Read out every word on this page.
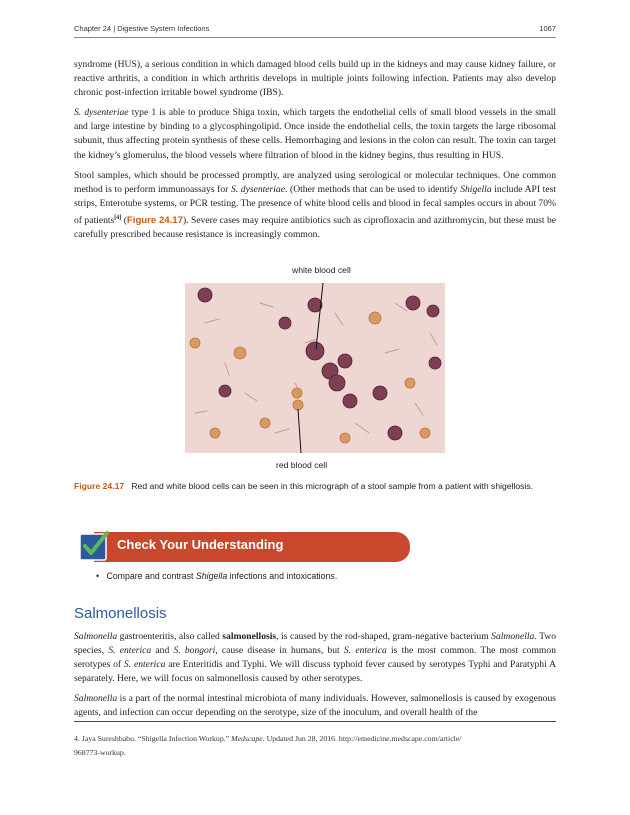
Chapter 24 | Digestive System Infections	1067

syndrome (HUS), a serious condition in which damaged blood cells build up in the kidneys and may cause kidney failure, or reactive arthritis, a condition in which arthritis develops in multiple joints following infection. Patients may also develop chronic post-infection irritable bowel syndrome (IBS).

S. dysenteriae type 1 is able to produce Shiga toxin, which targets the endothelial cells of small blood vessels in the small and large intestine by binding to a glycosphingolipid. Once inside the endothelial cells, the toxin targets the large ribosomal subunit, thus affecting protein synthesis of these cells. Hemorrhaging and lesions in the colon can result. The toxin can target the kidney’s glomerulus, the blood vessels where filtration of blood in the kidney begins, thus resulting in HUS.

Stool samples, which should be processed promptly, are analyzed using serological or molecular techniques. One common method is to perform immunoassays for S. dysenteriae. (Other methods that can be used to identify Shigella include API test strips, Enterotube systems, or PCR testing. The presence of white blood cells and blood in fecal samples occurs in about 70% of patients[4] (Figure 24.17). Severe cases may require antibiotics such as ciprofloxacin and azithromycin, but these must be carefully prescribed because resistance is increasingly common.

white blood cell
red blood cell
Figure 24.17 Red and white blood cells can be seen in this micrograph of a stool sample from a patient with shigellosis.
Check Your Understanding
• Compare and contrast Shigella infections and intoxications.
Salmonellosis

Salmonella gastroenteritis, also called salmonellosis, is caused by the rod-shaped, gram-negative bacterium Salmonella. Two species, S. enterica and S. bongori, cause disease in humans, but S. enterica is the most common. The most common serotypes of S. enterica are Enteritidis and Typhi. We will discuss typhoid fever caused by serotypes Typhi and Paratyphi A separately. Here, we will focus on salmonellosis caused by other serotypes.

Salmonella is a part of the normal intestinal microbiota of many individuals. However, salmonellosis is caused by exogenous agents, and infection can occur depending on the serotype, size of the inoculum, and overall health of the

4. Jaya Sureshbabu. “Shigella Infection Workup.” Medscape. Updated Jun 28, 2016. http://emedicine.medscape.com/article/
968773-workup.
